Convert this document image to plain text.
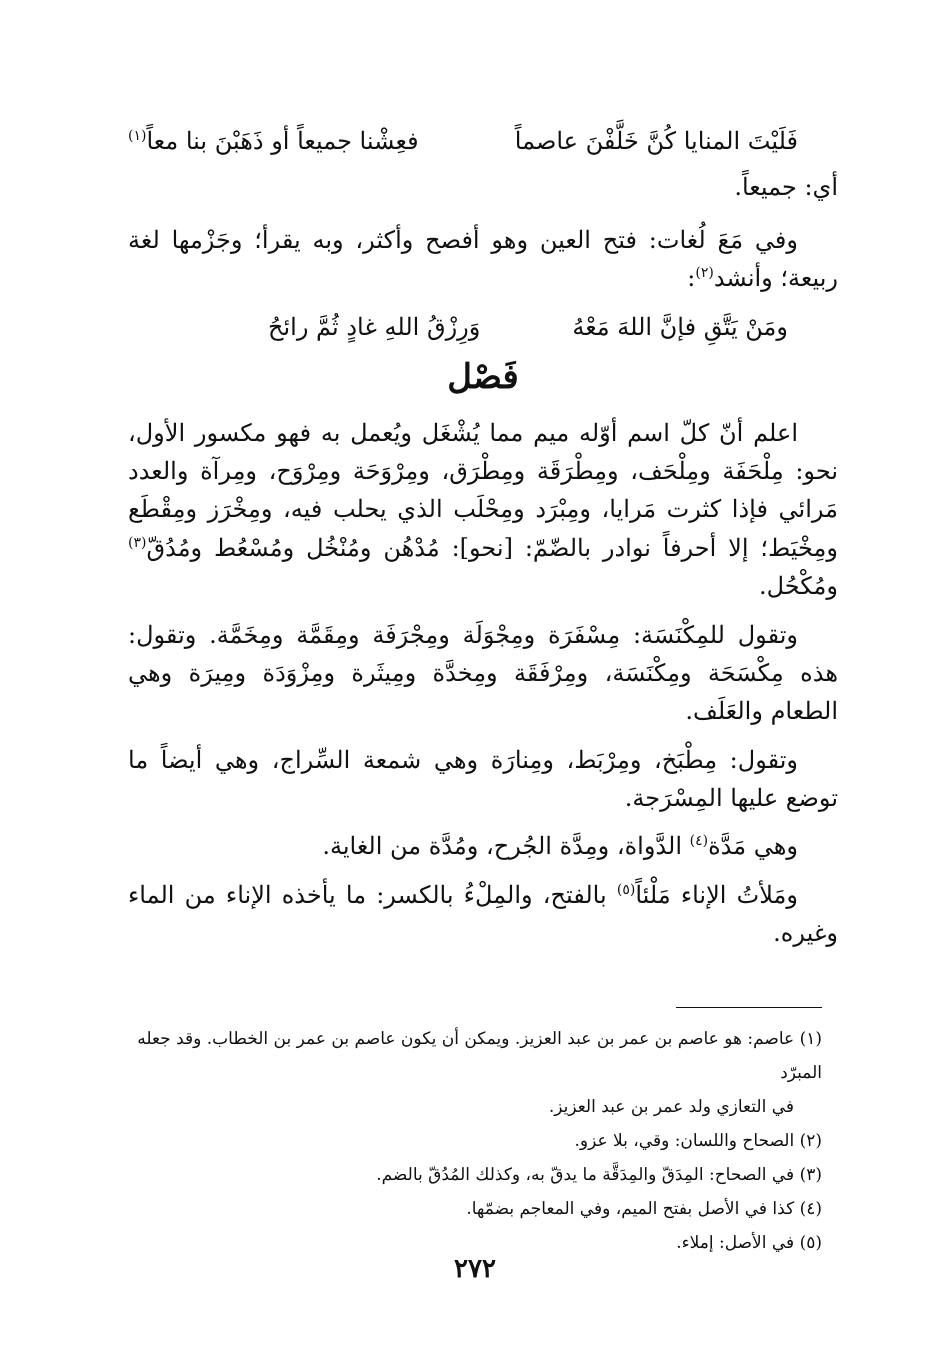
فَلَيْتَ المنايا كُنَّ خَلَّفْنَ عاصماً
فعِشْنا جميعاً أو ذَهَبْنَ بنا معاً$^{(١)}$

أي: جميعاً.

وفي مَعَ لُغات: فتح العين وهو أفصح وأكثر، وبه يقرأ؛ وجَزْمها لغة ربيعة؛ وأنشد$^{(٢)}$:

ومَنْ يَتَّقِ فإنَّ اللهَ مَعْهُ
وَرِزْقُ اللهِ غادٍ ثُمَّ رائحُ
فَصْل

اعلم أنّ كلّ اسم أوّله ميم مما يُشْغَل ويُعمل به فهو مكسور الأول، نحو: مِلْحَفَة ومِلْحَف، ومِطْرَقَة ومِطْرَق، ومِرْوَحَة ومِرْوَح، ومِرآة والعدد مَرائي فإذا كثرت مَرايا، ومِبْرَد ومِحْلَب الذي يحلب فيه، ومِخْرَز ومِقْطَع ومِخْيَط؛ إلا أحرفاً نوادر بالضّمّ: [نحو]: مُدْهُن ومُنْخُل ومُسْعُط ومُدُقّ$^{(٣)}$ ومُكْحُل.

وتقول للمِكْنَسَة: مِسْفَرَة ومِجْوَلَة ومِجْرَفَة ومِقَمَّة ومِخَمَّة. وتقول: هذه مِكْسَحَة ومِكْنَسَة، ومِرْفَقَة ومِخدَّة ومِيثَرة ومِزْوَدَة ومِيرَة وهي الطعام والعَلَف.

وتقول: مِطْبَخ، ومِرْبَط، ومِنارَة وهي شمعة السِّراج، وهي أيضاً ما توضع عليها المِسْرَجة.

وهي مَدَّة$^{(٤)}$ الدَّواة، ومِدَّة الجُرح، ومُدَّة من الغاية.

ومَلأتُ الإناء مَلْئاً$^{(٥)}$ بالفتح، والمِلْءُ بالكسر: ما يأخذه الإناء من الماء وغيره.

(١) عاصم: هو عاصم بن عمر بن عبد العزيز. ويمكن أن يكون عاصم بن عمر بن الخطاب. وقد جعله المبرّد

في التعازي ولد عمر بن عبد العزيز.

(٢) الصحاح واللسان: وقي، بلا عزو.

(٣) في الصحاح: المِدَقّ والمِدَقَّة ما يدقّ به، وكذلك المُدُقّ بالضم.

(٤) كذا في الأصل بفتح الميم، وفي المعاجم بضمّها.

(٥) في الأصل: إملاء.

٢٧٢
